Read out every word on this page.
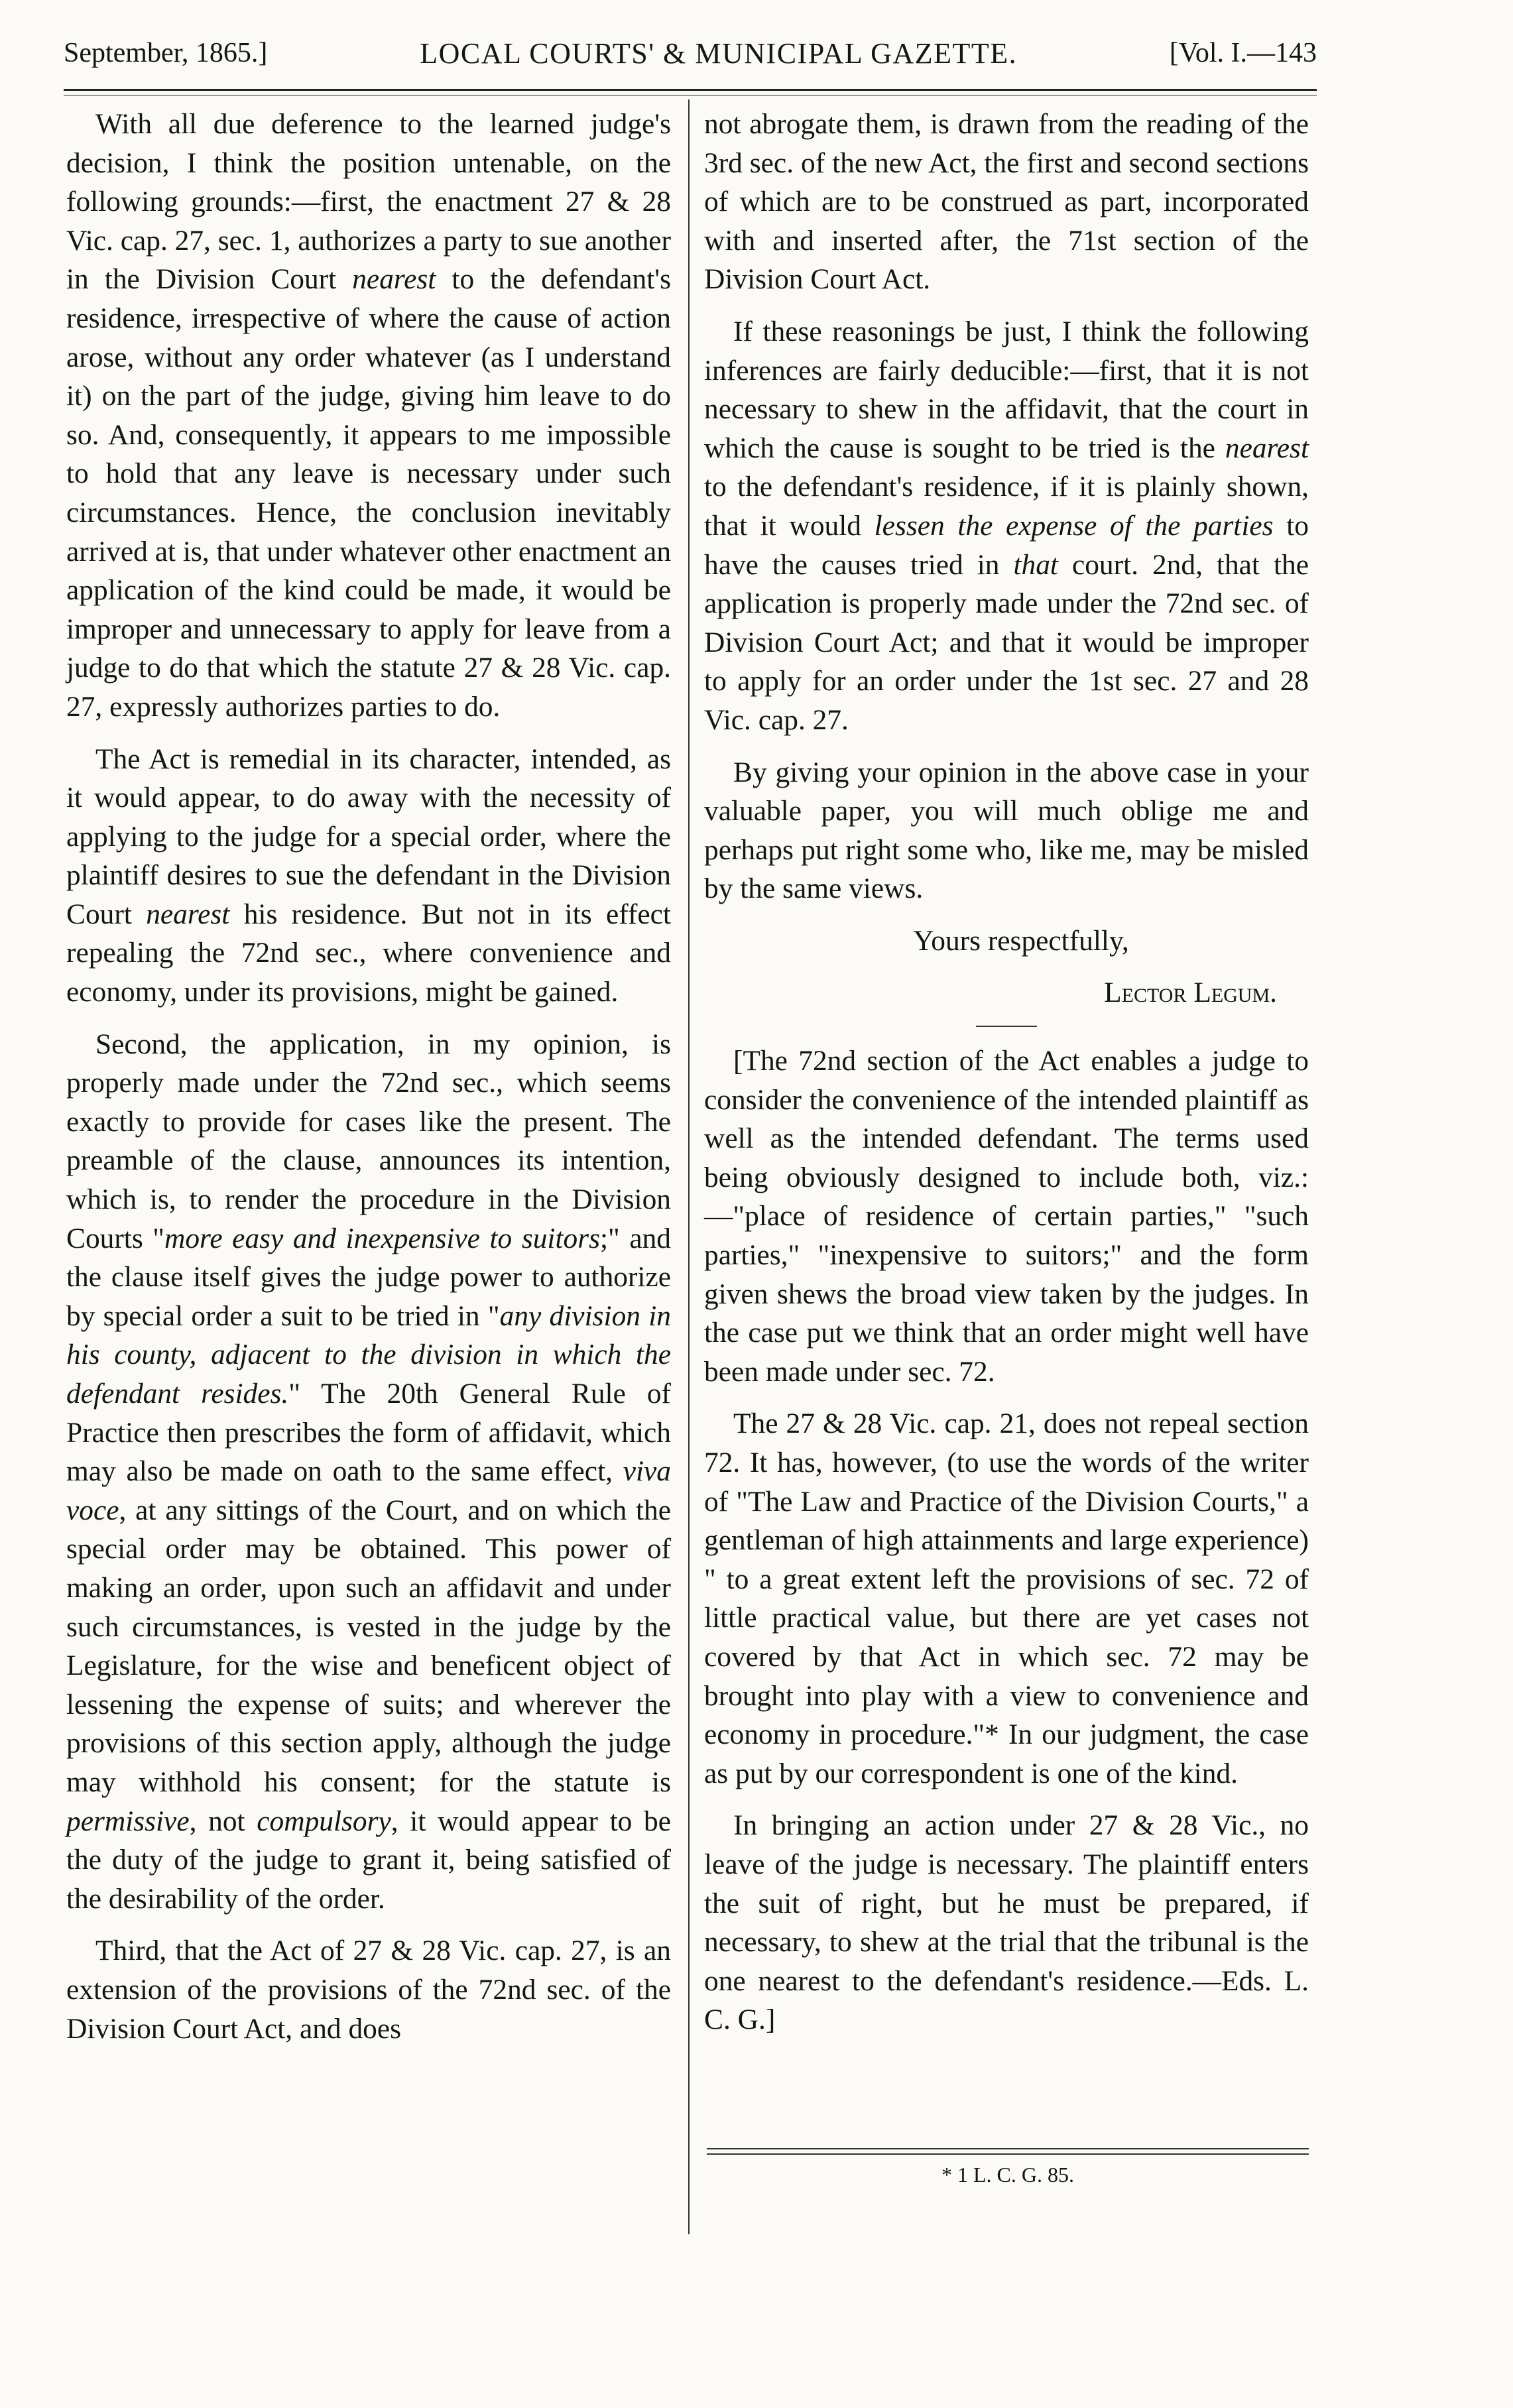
September, 1865.]	LOCAL COURTS' & MUNICIPAL GAZETTE.	[Vol. I.—143

With all due deference to the learned judge's decision, I think the position untenable, on the following grounds:—first, the enactment 27 & 28 Vic. cap. 27, sec. 1, authorizes a party to sue another in the Division Court nearest to the defendant's residence, irrespective of where the cause of action arose, without any order whatever (as I understand it) on the part of the judge, giving him leave to do so. And, consequently, it appears to me impossible to hold that any leave is necessary under such circumstances. Hence, the conclusion inevitably arrived at is, that under whatever other enactment an application of the kind could be made, it would be improper and unnecessary to apply for leave from a judge to do that which the statute 27 & 28 Vic. cap. 27, expressly authorizes parties to do.

The Act is remedial in its character, intended, as it would appear, to do away with the necessity of applying to the judge for a special order, where the plaintiff desires to sue the defendant in the Division Court nearest his residence. But not in its effect repealing the 72nd sec., where convenience and economy, under its provisions, might be gained.

Second, the application, in my opinion, is properly made under the 72nd sec., which seems exactly to provide for cases like the present. The preamble of the clause, announces its intention, which is, to render the procedure in the Division Courts "more easy and inexpensive to suitors;" and the clause itself gives the judge power to authorize by special order a suit to be tried in "any division in his county, adjacent to the division in which the defendant resides." The 20th General Rule of Practice then prescribes the form of affidavit, which may also be made on oath to the same effect, viva voce, at any sittings of the Court, and on which the special order may be obtained. This power of making an order, upon such an affidavit and under such circumstances, is vested in the judge by the Legislature, for the wise and beneficent object of lessening the expense of suits; and wherever the provisions of this section apply, although the judge may withhold his consent; for the statute is permissive, not compulsory, it would appear to be the duty of the judge to grant it, being satisfied of the desirability of the order.

Third, that the Act of 27 & 28 Vic. cap. 27, is an extension of the provisions of the 72nd sec. of the Division Court Act, and does

not abrogate them, is drawn from the reading of the 3rd sec. of the new Act, the first and second sections of which are to be construed as part, incorporated with and inserted after, the 71st section of the Division Court Act.

If these reasonings be just, I think the following inferences are fairly deducible:—first, that it is not necessary to shew in the affidavit, that the court in which the cause is sought to be tried is the nearest to the defendant's residence, if it is plainly shown, that it would lessen the expense of the parties to have the causes tried in that court. 2nd, that the application is properly made under the 72nd sec. of Division Court Act; and that it would be improper to apply for an order under the 1st sec. 27 and 28 Vic. cap. 27.

By giving your opinion in the above case in your valuable paper, you will much oblige me and perhaps put right some who, like me, may be misled by the same views.

Yours respectfully,

Lector Legum.

[The 72nd section of the Act enables a judge to consider the convenience of the intended plaintiff as well as the intended defendant. The terms used being obviously designed to include both, viz.:—"place of residence of certain parties," "such parties," "inexpensive to suitors;" and the form given shews the broad view taken by the judges. In the case put we think that an order might well have been made under sec. 72.

The 27 & 28 Vic. cap. 21, does not repeal section 72. It has, however, (to use the words of the writer of "The Law and Practice of the Division Courts," a gentleman of high attainments and large experience) " to a great extent left the provisions of sec. 72 of little practical value, but there are yet cases not covered by that Act in which sec. 72 may be brought into play with a view to convenience and economy in procedure."* In our judgment, the case as put by our correspondent is one of the kind.

In bringing an action under 27 & 28 Vic., no leave of the judge is necessary. The plaintiff enters the suit of right, but he must be prepared, if necessary, to shew at the trial that the tribunal is the one nearest to the defendant's residence.—Eds. L. C. G.]

* 1 L. C. G. 85.
